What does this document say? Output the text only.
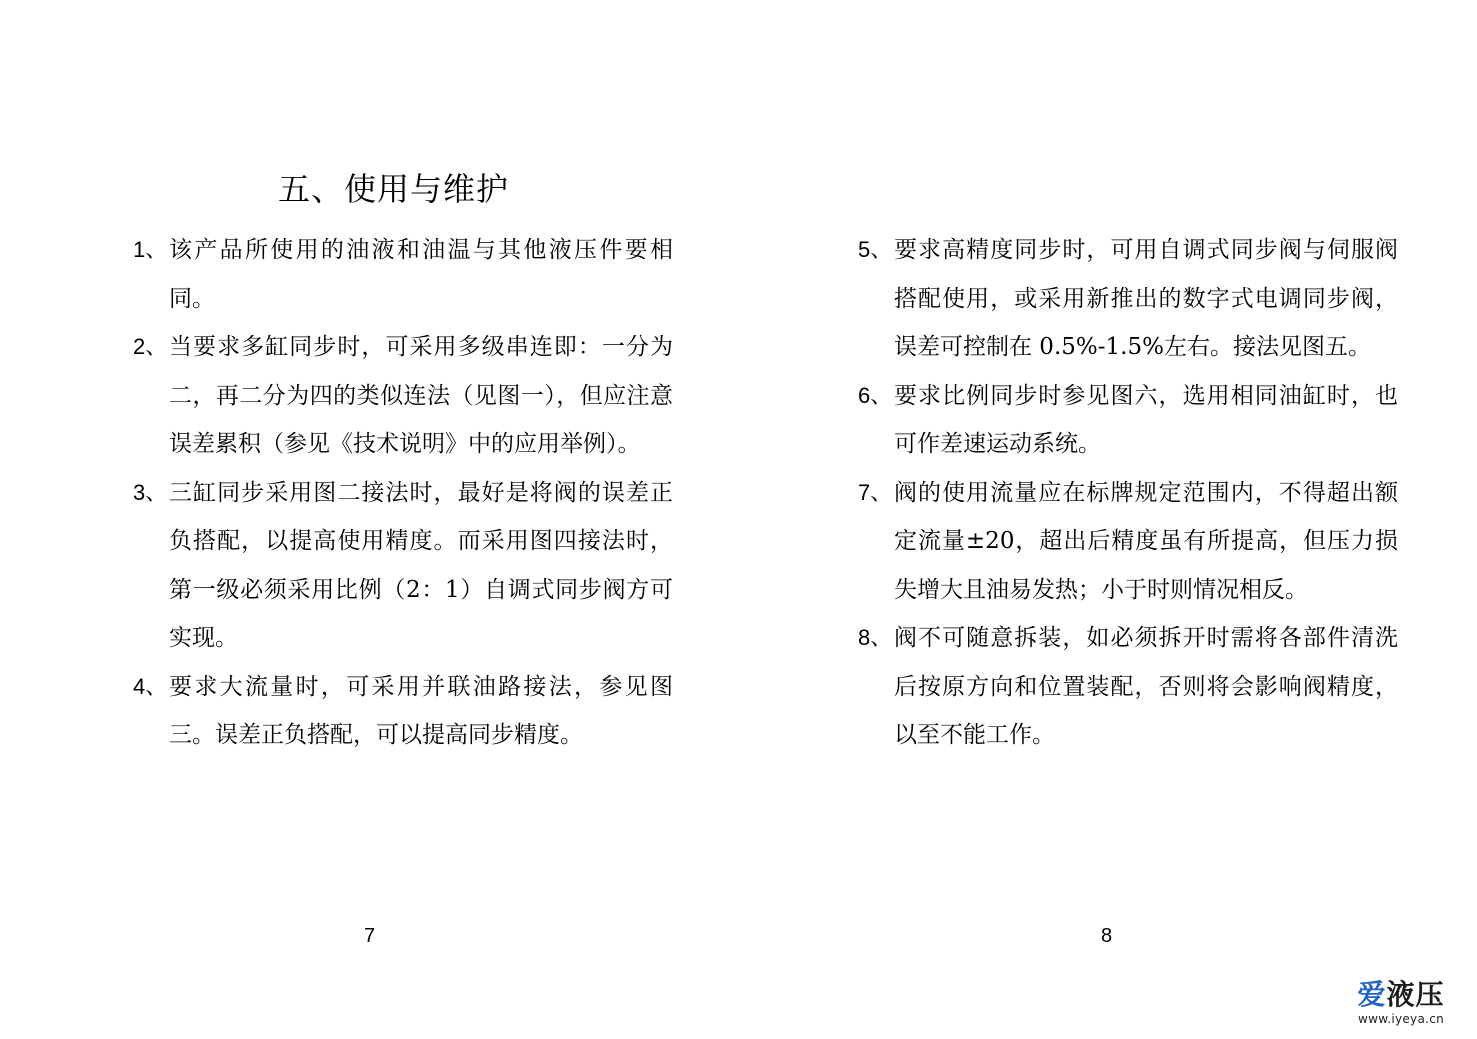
五、使用与维护
1、 该产品所使用的油液和油温与其他液压件要相同。
2、 当要求多缸同步时，可采用多级串连即：一分为二，再二分为四的类似连法（见图一），但应注意误差累积（参见《技术说明》中的应用举例）。
3、 三缸同步采用图二接法时，最好是将阀的误差正负搭配，以提高使用精度。而采用图四接法时，第一级必须采用比例（2：1）自调式同步阀方可实现。
4、 要求大流量时，可采用并联油路接法，参见图三。误差正负搭配，可以提高同步精度。
7
5、 要求高精度同步时，可用自调式同步阀与伺服阀搭配使用，或采用新推出的数字式电调同步阀，误差可控制在 0.5%-1.5%左右。接法见图五。
6、 要求比例同步时参见图六，选用相同油缸时，也可作差速运动系统。
7、 阀的使用流量应在标牌规定范围内，不得超出额定流量±20，超出后精度虽有所提高，但压力损失增大且油易发热；小于时则情况相反。
8、 阀不可随意拆装，如必须拆开时需将各部件清洗后按原方向和位置装配，否则将会影响阀精度，以至不能工作。
8
爱液压
www.iyeya.cn
